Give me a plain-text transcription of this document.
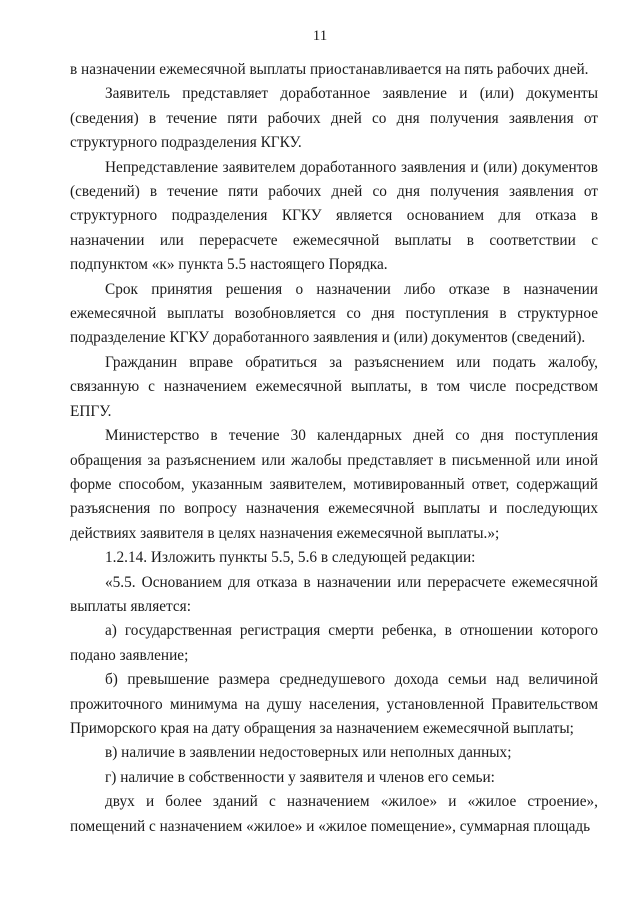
11

в назначении ежемесячной выплаты приостанавливается на пять рабочих дней.

Заявитель представляет доработанное заявление и (или) документы (сведения) в течение пяти рабочих дней со дня получения заявления от структурного подразделения КГКУ.

Непредставление заявителем доработанного заявления и (или) документов (сведений) в течение пяти рабочих дней со дня получения заявления от структурного подразделения КГКУ является основанием для отказа в назначении или перерасчете ежемесячной выплаты в соответствии с подпунктом «к» пункта 5.5 настоящего Порядка.

Срок принятия решения о назначении либо отказе в назначении ежемесячной выплаты возобновляется со дня поступления в структурное подразделение КГКУ доработанного заявления и (или) документов (сведений).

Гражданин вправе обратиться за разъяснением или подать жалобу, связанную с назначением ежемесячной выплаты, в том числе посредством ЕПГУ.

Министерство в течение 30 календарных дней со дня поступления обращения за разъяснением или жалобы представляет в письменной или иной форме способом, указанным заявителем, мотивированный ответ, содержащий разъяснения по вопросу назначения ежемесячной выплаты и последующих действиях заявителя в целях назначения ежемесячной выплаты.»;

1.2.14. Изложить пункты 5.5, 5.6 в следующей редакции:

«5.5. Основанием для отказа в назначении или перерасчете ежемесячной выплаты является:

а) государственная регистрация смерти ребенка, в отношении которого подано заявление;

б) превышение размера среднедушевого дохода семьи над величиной прожиточного минимума на душу населения, установленной Правительством Приморского края на дату обращения за назначением ежемесячной выплаты;

в) наличие в заявлении недостоверных или неполных данных;

г) наличие в собственности у заявителя и членов его семьи:

двух и более зданий с назначением «жилое» и «жилое строение», помещений с назначением «жилое» и «жилое помещение», суммарная площадь
